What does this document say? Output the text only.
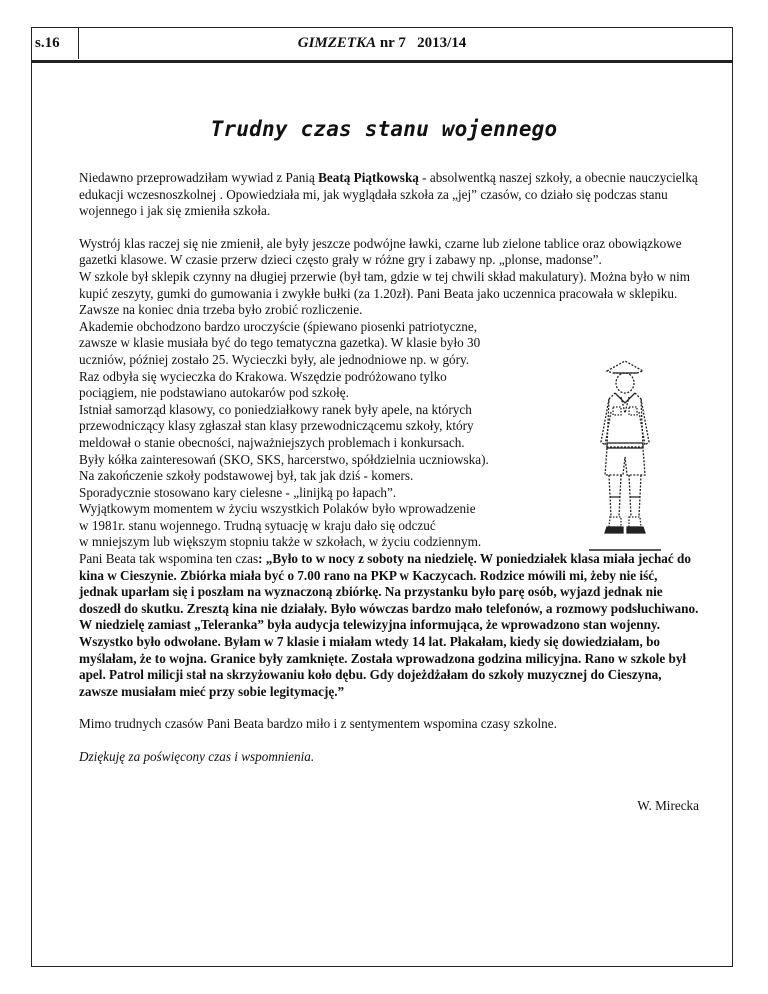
s.16	GIMZETKA nr 7 2013/14
Trudny czas stanu wojennego

Niedawno przeprowadziłam wywiad z Panią Beatą Piątkowską - absolwentką naszej szkoły, a obecnie nauczycielką edukacji wczesnoszkolnej . Opowiedziała mi, jak wyglądała szkoła za „jej” czasów, co działo się podczas stanu wojennego i jak się zmieniła szkoła.

Wystrój klas raczej się nie zmienił, ale były jeszcze podwójne ławki, czarne lub zielone tablice oraz obowiązkowe gazetki klasowe. W czasie przerw dzieci często grały w różne gry i zabawy np. „plonse, madonse”.

W szkole był sklepik czynny na długiej przerwie (był tam, gdzie w tej chwili skład makulatury). Można było w nim kupić zeszyty, gumki do gumowania i zwykłe bułki (za 1.20zł). Pani Beata jako uczennica pracowała w sklepiku. Zawsze na koniec dnia trzeba było zrobić rozliczenie.

Akademie obchodzono bardzo uroczyście (śpiewano piosenki patriotyczne,
zawsze w klasie musiała być do tego tematyczna gazetka). W klasie było 30
uczniów, później zostało 25. Wycieczki były, ale jednodniowe np. w góry.
Raz odbyła się wycieczka do Krakowa. Wszędzie podróżowano tylko
pociągiem, nie podstawiano autokarów pod szkołę.
Istniał samorząd klasowy, co poniedziałkowy ranek były apele, na których
przewodniczący klasy zgłaszał stan klasy przewodniczącemu szkoły, który
meldował o stanie obecności, najważniejszych problemach i konkursach.
Były kółka zainteresowań (SKO, SKS, harcerstwo, spółdzielnia uczniowska).
Na zakończenie szkoły podstawowej był, tak jak dziś - komers.
Sporadycznie stosowano kary cielesne - „linijką po łapach”.
Wyjątkowym momentem w życiu wszystkich Polaków było wprowadzenie
w 1981r. stanu wojennego. Trudną sytuację w kraju dało się odczuć
w mniejszym lub większym stopniu także w szkołach, w życiu codziennym.

Pani Beata tak wspomina ten czas: „Było to w nocy z soboty na niedzielę. W poniedziałek klasa miała jechać do kina w Cieszynie. Zbiórka miała być o 7.00 rano na PKP w Kaczycach. Rodzice mówili mi, żeby nie iść, jednak uparłam się i poszłam na wyznaczoną zbiórkę. Na przystanku było parę osób, wyjazd jednak nie doszedł do skutku. Zresztą kina nie działały. Było wówczas bardzo mało telefonów, a rozmowy podsłuchiwano. W niedzielę zamiast „Teleranka” była audycja telewizyjna informująca, że wprowadzono stan wojenny. Wszystko było odwołane. Byłam w 7 klasie i miałam wtedy 14 lat. Płakałam, kiedy się dowiedziałam, bo myślałam, że to wojna. Granice były zamknięte. Została wprowadzona godzina milicyjna. Rano w szkole był apel. Patrol milicji stał na skrzyżowaniu koło dębu. Gdy dojeżdżałam do szkoły muzycznej do Cieszyna, zawsze musiałam mieć przy sobie legitymację.”

Mimo trudnych czasów Pani Beata bardzo miło i z sentymentem wspomina czasy szkolne.

Dziękuję za poświęcony czas i wspomnienia.

W. Mirecka
